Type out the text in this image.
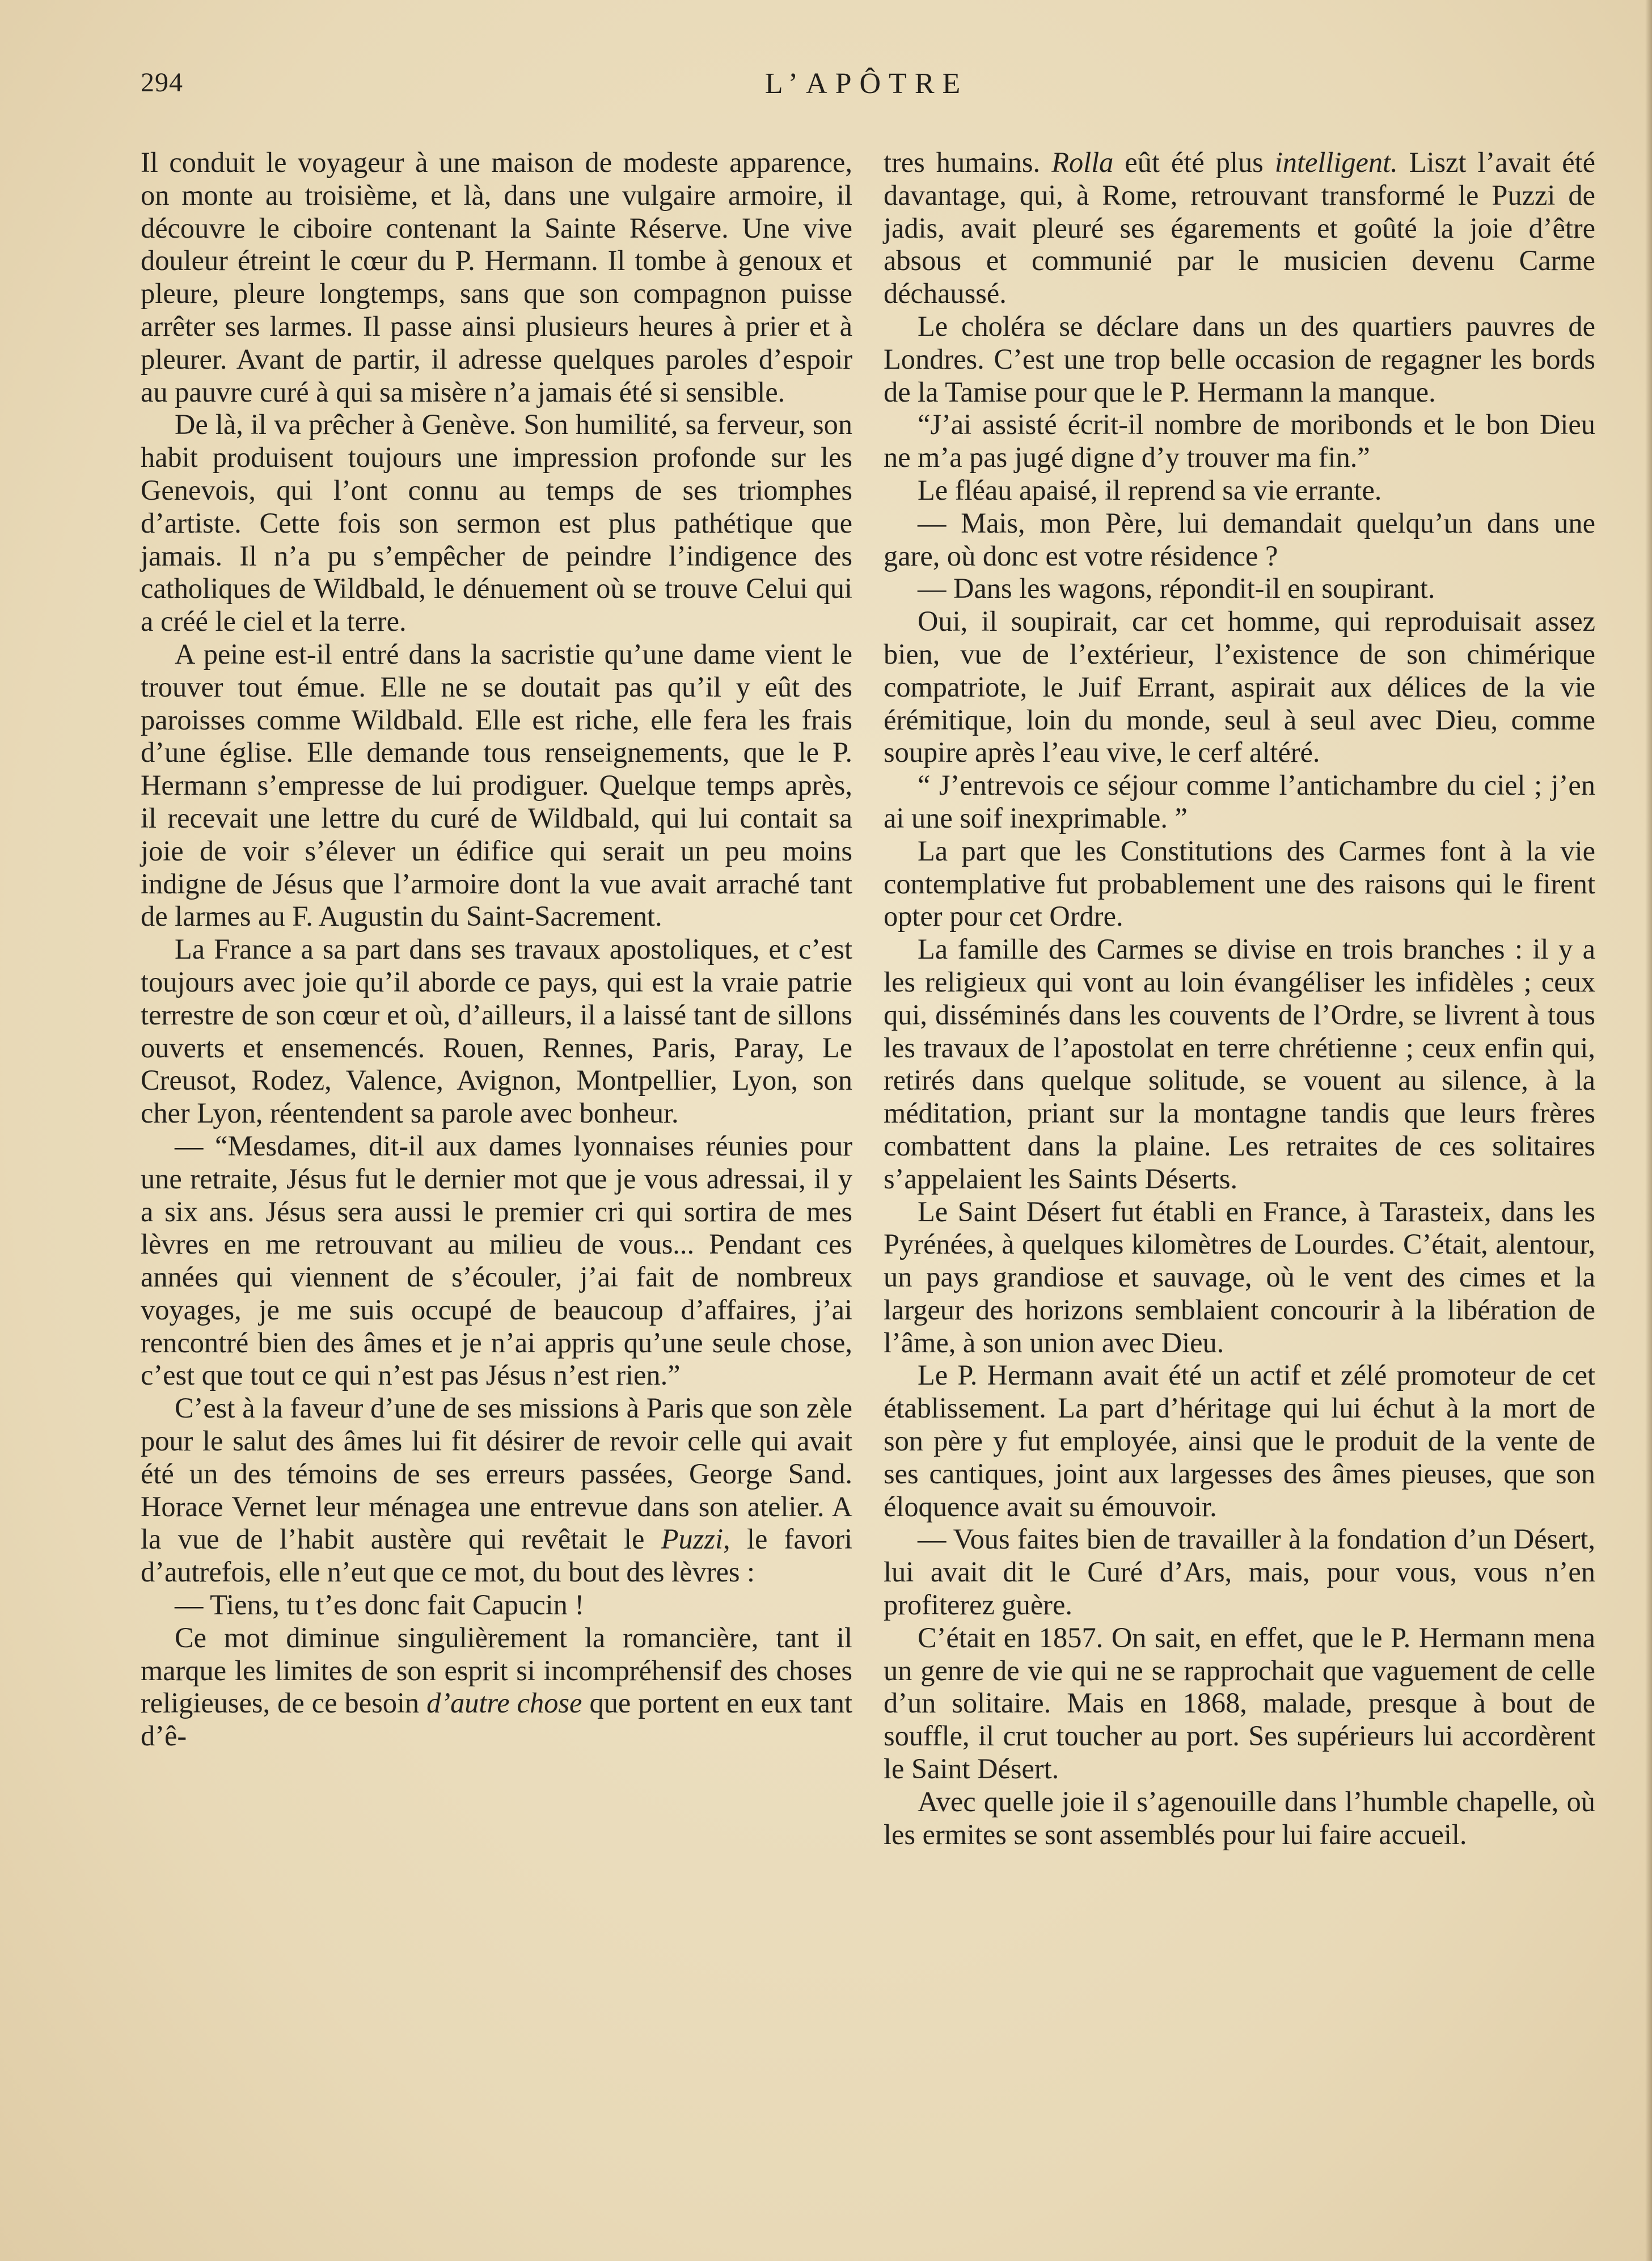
294	L’APÔTRE

Il conduit le voyageur à une maison de modeste apparence, on monte au troisième, et là, dans une vulgaire armoire, il découvre le ciboire contenant la Sainte Réserve. Une vive douleur étreint le cœur du P. Hermann. Il tombe à genoux et pleure, pleure longtemps, sans que son compagnon puisse arrêter ses larmes. Il passe ainsi plusieurs heures à prier et à pleurer. Avant de partir, il adresse quelques paroles d’espoir au pauvre curé à qui sa misère n’a jamais été si sensible.

De là, il va prêcher à Genève. Son humilité, sa ferveur, son habit produisent toujours une impression profonde sur les Genevois, qui l’ont connu au temps de ses triomphes d’artiste. Cette fois son sermon est plus pathétique que jamais. Il n’a pu s’empêcher de peindre l’indigence des catholiques de Wildbald, le dénuement où se trouve Celui qui a créé le ciel et la terre.

A peine est-il entré dans la sacristie qu’une dame vient le trouver tout émue. Elle ne se doutait pas qu’il y eût des paroisses comme Wildbald. Elle est riche, elle fera les frais d’une église. Elle demande tous renseignements, que le P. Hermann s’empresse de lui prodiguer. Quelque temps après, il recevait une lettre du curé de Wildbald, qui lui contait sa joie de voir s’élever un édifice qui serait un peu moins indigne de Jésus que l’armoire dont la vue avait arraché tant de larmes au F. Augustin du Saint-Sacrement.

La France a sa part dans ses travaux apostoliques, et c’est toujours avec joie qu’il aborde ce pays, qui est la vraie patrie terrestre de son cœur et où, d’ailleurs, il a laissé tant de sillons ouverts et ensemencés. Rouen, Rennes, Paris, Paray, Le Creusot, Rodez, Valence, Avignon, Montpellier, Lyon, son cher Lyon, réentendent sa parole avec bonheur.

— “Mesdames, dit-il aux dames lyonnaises réunies pour une retraite, Jésus fut le dernier mot que je vous adressai, il y a six ans. Jésus sera aussi le premier cri qui sortira de mes lèvres en me retrouvant au milieu de vous... Pendant ces années qui viennent de s’écouler, j’ai fait de nombreux voyages, je me suis occupé de beaucoup d’affaires, j’ai rencontré bien des âmes et je n’ai appris qu’une seule chose, c’est que tout ce qui n’est pas Jésus n’est rien.”

C’est à la faveur d’une de ses missions à Paris que son zèle pour le salut des âmes lui fit désirer de revoir celle qui avait été un des témoins de ses erreurs passées, George Sand. Horace Vernet leur ménagea une entrevue dans son atelier. A la vue de l’habit austère qui revêtait le Puzzi, le favori d’autrefois, elle n’eut que ce mot, du bout des lèvres :

— Tiens, tu t’es donc fait Capucin !

Ce mot diminue singulièrement la romancière, tant il marque les limites de son esprit si incompréhensif des choses religieuses, de ce besoin d’autre chose que portent en eux tant d’ê-

tres humains. Rolla eût été plus intelligent. Liszt l’avait été davantage, qui, à Rome, retrouvant transformé le Puzzi de jadis, avait pleuré ses égarements et goûté la joie d’être absous et communié par le musicien devenu Carme déchaussé.

Le choléra se déclare dans un des quartiers pauvres de Londres. C’est une trop belle occasion de regagner les bords de la Tamise pour que le P. Hermann la manque.

“J’ai assisté écrit-il nombre de moribonds et le bon Dieu ne m’a pas jugé digne d’y trouver ma fin.”

Le fléau apaisé, il reprend sa vie errante.

— Mais, mon Père, lui demandait quelqu’un dans une gare, où donc est votre résidence ?

— Dans les wagons, répondit-il en soupirant.

Oui, il soupirait, car cet homme, qui reproduisait assez bien, vue de l’extérieur, l’existence de son chimérique compatriote, le Juif Errant, aspirait aux délices de la vie érémitique, loin du monde, seul à seul avec Dieu, comme soupire après l’eau vive, le cerf altéré.

“ J’entrevois ce séjour comme l’antichambre du ciel ; j’en ai une soif inexprimable. ”

La part que les Constitutions des Carmes font à la vie contemplative fut probablement une des raisons qui le firent opter pour cet Ordre.

La famille des Carmes se divise en trois branches : il y a les religieux qui vont au loin évangéliser les infidèles ; ceux qui, disséminés dans les couvents de l’Ordre, se livrent à tous les travaux de l’apostolat en terre chrétienne ; ceux enfin qui, retirés dans quelque solitude, se vouent au silence, à la méditation, priant sur la montagne tandis que leurs frères combattent dans la plaine. Les retraites de ces solitaires s’appelaient les Saints Déserts.

Le Saint Désert fut établi en France, à Tarasteix, dans les Pyrénées, à quelques kilomètres de Lourdes. C’était, alentour, un pays grandiose et sauvage, où le vent des cimes et la largeur des horizons semblaient concourir à la libération de l’âme, à son union avec Dieu.

Le P. Hermann avait été un actif et zélé promoteur de cet établissement. La part d’héritage qui lui échut à la mort de son père y fut employée, ainsi que le produit de la vente de ses cantiques, joint aux largesses des âmes pieuses, que son éloquence avait su émouvoir.

— Vous faites bien de travailler à la fondation d’un Désert, lui avait dit le Curé d’Ars, mais, pour vous, vous n’en profiterez guère.

C’était en 1857. On sait, en effet, que le P. Hermann mena un genre de vie qui ne se rapprochait que vaguement de celle d’un solitaire. Mais en 1868, malade, presque à bout de souffle, il crut toucher au port. Ses supérieurs lui accordèrent le Saint Désert.

Avec quelle joie il s’agenouille dans l’humble chapelle, où les ermites se sont assemblés pour lui faire accueil.
